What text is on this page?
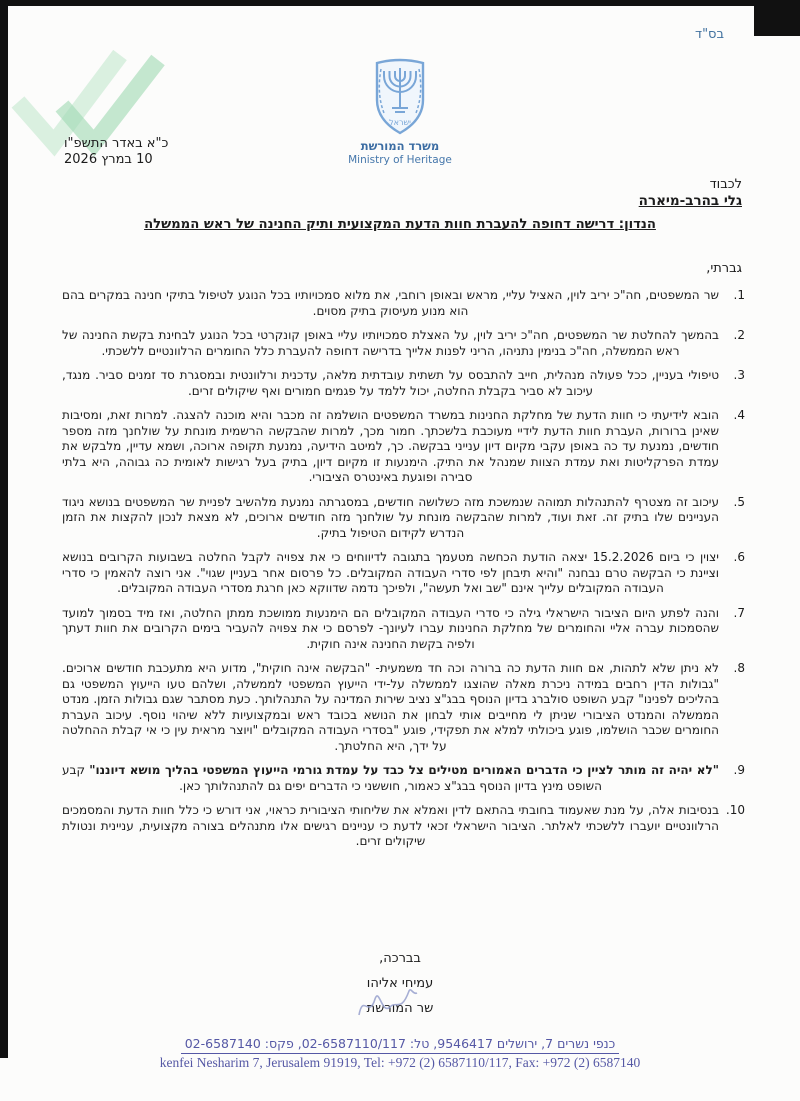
בס"ד
ישראל
משרד המורשת
Ministry of Heritage
כ"א באדר התשפ"ו
10 במרץ 2026
לכבוד
גלי בהרב-מיארה
הנדון: דרישה דחופה להעברת חוות הדעת המקצועית ותיק החנינה של ראש הממשלה
גברתי,
1.
שר המשפטים, חה"כ יריב לוין, האציל עליי, מראש ובאופן רוחבי, את מלוא סמכויותיו בכל הנוגע לטיפול בתיקי חנינה במקרים בהם הוא מנוע מעיסוק בתיק מסוים.
2.
בהמשך להחלטת שר המשפטים, חה"כ יריב לוין, על האצלת סמכויותיו עליי באופן קונקרטי בכל הנוגע לבחינת בקשת החנינה של ראש הממשלה, חה"כ בנימין נתניהו, הריני לפנות אלייך בדרישה דחופה להעברת כלל החומרים הרלוונטיים ללשכתי.
3.
טיפולי בעניין, ככל פעולה מנהלית, חייב להתבסס על תשתית עובדתית מלאה, עדכנית ורלוונטית ובמסגרת סד זמנים סביר. מנגד, עיכוב לא סביר בקבלת החלטה, יכול ללמד על פגמים חמורים ואף שיקולים זרים.
4.
הובא לידיעתי כי חוות הדעת של מחלקת החנינות במשרד המשפטים הושלמה זה מכבר והיא מוכנה להצגה. למרות זאת, ומסיבות שאינן ברורות, העברת חוות הדעת לידיי מעוכבת בלשכתך. חמור מכך, למרות שהבקשה הרשמית מונחת על שולחנך מזה מספר חודשים, נמנעת עד כה באופן עקבי מקיום דיון ענייני בבקשה. כך, למיטב הידיעה, נמנעת תקופה ארוכה, ושמא עדיין, מלבקש את עמדת הפרקליטות ואת עמדת הצוות שמנהל את התיק. הימנעות זו מקיום דיון, בתיק בעל רגישות לאומית כה גבוהה, היא בלתי סבירה ופוגעת באינטרס הציבורי.
5.
עיכוב זה מצטרף להתנהלות תמוהה שנמשכת מזה כשלושה חודשים, במסגרתה נמנעת מלהשיב לפניית שר המשפטים בנושא ניגוד העניינים שלו בתיק זה. זאת ועוד, למרות שהבקשה מונחת על שולחנך מזה חודשים ארוכים, לא מצאת לנכון להקצות את הזמן הנדרש לקידום הטיפול בתיק.
6.
יצוין כי ביום 15.2.2026 יצאה הודעת הכחשה מטעמך בתגובה לדיווחים כי את צפויה לקבל החלטה בשבועות הקרובים בנושא וציינת כי הבקשה טרם נבחנה "והיא תיבחן לפי סדרי העבודה המקובלים. כל פרסום אחר בעניין שגוי". אני רוצה להאמין כי סדרי העבודה המקובלים עלייך אינם "שב ואל תעשה", ולפיכך נדמה שדווקא כאן חרגת מסדרי העבודה המקובלים.
7.
והנה לפתע היום הציבור הישראלי גילה כי סדרי העבודה המקובלים הם הימנעות ממושכת ממתן החלטה, ואז מיד בסמוך למועד שהסמכות עברה אליי והחומרים של מחלקת החנינות עברו לעיונך- לפרסם כי את צפויה להעביר בימים הקרובים את חוות דעתך ולפיה בקשת החנינה אינה חוקית.
8.
לא ניתן שלא לתהות, אם חוות הדעת כה ברורה וכה חד משמעית- "הבקשה אינה חוקית", מדוע היא מתעכבת חודשים ארוכים. "גבולות הדין רחבים במידה ניכרת מאלה שהוצגו לממשלה על-ידי הייעוץ המשפטי לממשלה, ושלהם טעו הייעוץ המשפטי גם בהליכים לפנינו" קבע השופט סולברג בדיון הנוסף בבג"צ נציב שירות המדינה על התנהלותך. כעת מסתבר שגם גבולות הזמן. מנדט הממשלה והמנדט הציבורי שניתן לי מחייבים אותי לבחון את הנושא בכובד ראש ובמקצועיות ללא שיהוי נוסף. עיכוב העברת החומרים שכבר הושלמו, פוגע ביכולתי למלא את תפקידי, פוגע "בסדרי העבודה המקובלים "ויוצר מראית עין כי אי קבלת ההחלטה על ידך, היא החלטתך.
9.
"לא יהיה זה מותר לציין כי הדברים האמורים מטילים צל כבד על עמדת גורמי הייעוץ המשפטי בהליך מושא דיוננו" קבע השופט מינץ בדיון הנוסף בבג"צ כאמור, חוששני כי הדברים יפים גם להתנהלותך כאן.
10.
בנסיבות אלה, על מנת שאעמוד בחובתי בהתאם לדין ואמלא את שליחותי הציבורית כראוי, אני דורש כי כלל חוות הדעת והמסמכים הרלוונטיים יועברו ללשכתי לאלתר. הציבור הישראלי זכאי לדעת כי עניינים רגישים אלו מתנהלים בצורה מקצועית, עניינית ונטולת שיקולים זרים.
בברכה,
עמיחי אליהו
שר המורשת
כנפי נשרים 7, ירושלים 9546417, טל: 02-6587110/117, פקס: 02-6587140
kenfei Nesharim 7, Jerusalem 91919, Tel: +972 (2) 6587110/117, Fax: +972 (2) 6587140
